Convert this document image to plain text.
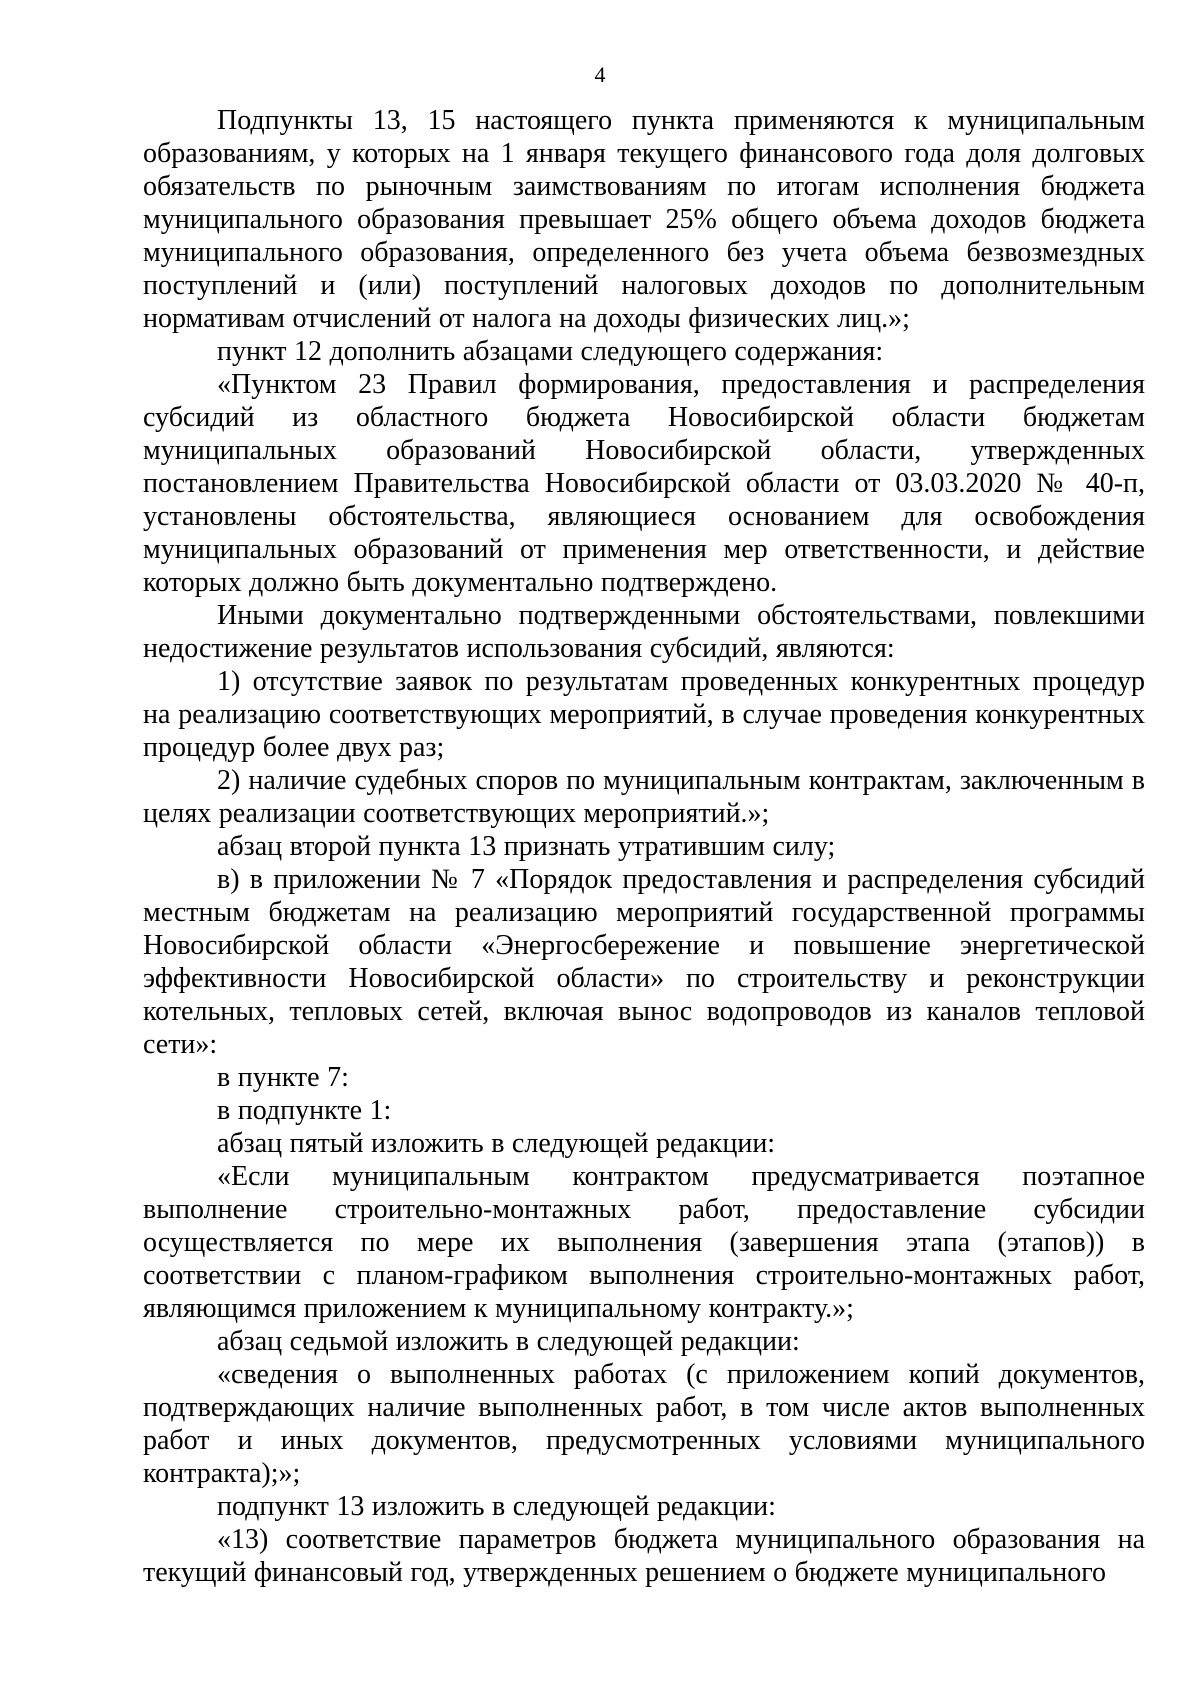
4

Подпункты 13, 15 настоящего пункта применяются к муниципальным образованиям, у которых на 1 января текущего финансового года доля долговых обязательств по рыночным заимствованиям по итогам исполнения бюджета муниципального образования превышает 25% общего объема доходов бюджета муниципального образования, определенного без учета объема безвозмездных поступлений и (или) поступлений налоговых доходов по дополнительным нормативам отчислений от налога на доходы физических лиц.»;

пункт 12 дополнить абзацами следующего содержания:

«Пунктом 23 Правил формирования, предоставления и распределения субсидий из областного бюджета Новосибирской области бюджетам муниципальных образований Новосибирской области, утвержденных постановлением Правительства Новосибирской области от 03.03.2020 № 40-п, установлены обстоятельства, являющиеся основанием для освобождения муниципальных образований от применения мер ответственности, и действие которых должно быть документально подтверждено.

Иными документально подтвержденными обстоятельствами, повлекшими недостижение результатов использования субсидий, являются:

1) отсутствие заявок по результатам проведенных конкурентных процедур на реализацию соответствующих мероприятий, в случае проведения конкурентных процедур более двух раз;

2) наличие судебных споров по муниципальным контрактам, заключенным в целях реализации соответствующих мероприятий.»;

абзац второй пункта 13 признать утратившим силу;

в) в приложении № 7 «Порядок предоставления и распределения субсидий местным бюджетам на реализацию мероприятий государственной программы Новосибирской области «Энергосбережение и повышение энергетической эффективности Новосибирской области» по строительству и реконструкции котельных, тепловых сетей, включая вынос водопроводов из каналов тепловой сети»:

в пункте 7:

в подпункте 1:

абзац пятый изложить в следующей редакции:

«Если муниципальным контрактом предусматривается поэтапное выполнение строительно-монтажных работ, предоставление субсидии осуществляется по мере их выполнения (завершения этапа (этапов)) в соответствии с планом-графиком выполнения строительно-монтажных работ, являющимся приложением к муниципальному контракту.»;

абзац седьмой изложить в следующей редакции:

«сведения о выполненных работах (с приложением копий документов, подтверждающих наличие выполненных работ, в том числе актов выполненных работ и иных документов, предусмотренных условиями муниципального контракта);»;

подпункт 13 изложить в следующей редакции:

«13) соответствие параметров бюджета муниципального образования на текущий финансовый год, утвержденных решением о бюджете муниципального
